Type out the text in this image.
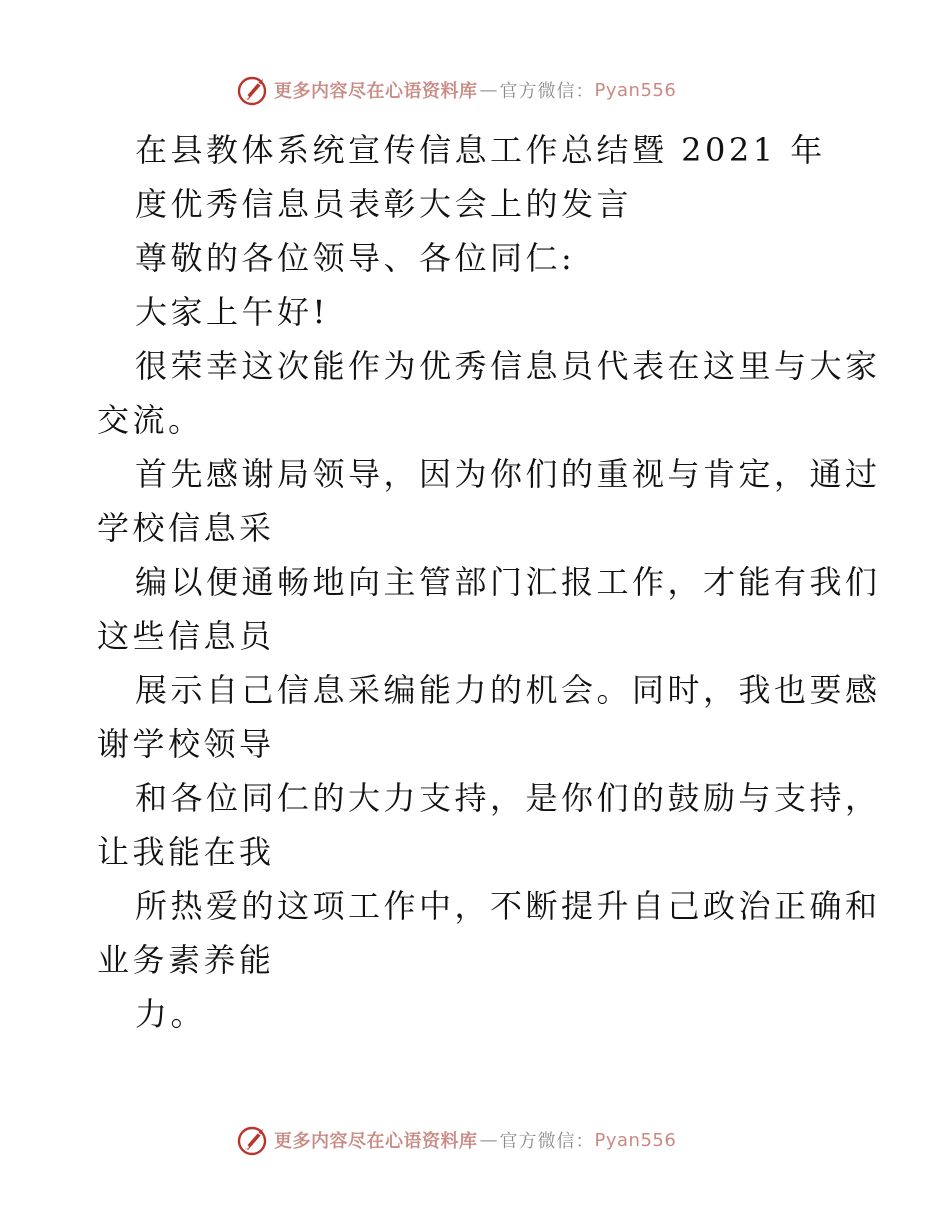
更多内容尽在心语资料库 — 官方微信： Pyan556
在县教体系统宣传信息工作总结暨 2021 年
度优秀信息员表彰大会上的发言
尊敬的各位领导、各位同仁:
大家上午好!
很荣幸这次能作为优秀信息员代表在这里与大家
交流。
首先感谢局领导，因为你们的重视与肯定，通过
学校信息采
编以便通畅地向主管部门汇报工作，才能有我们
这些信息员
展示自己信息采编能力的机会。同时，我也要感
谢学校领导
和各位同仁的大力支持，是你们的鼓励与支持，
让我能在我
所热爱的这项工作中，不断提升自己政治正确和
业务素养能
力。
更多内容尽在心语资料库 — 官方微信： Pyan556
